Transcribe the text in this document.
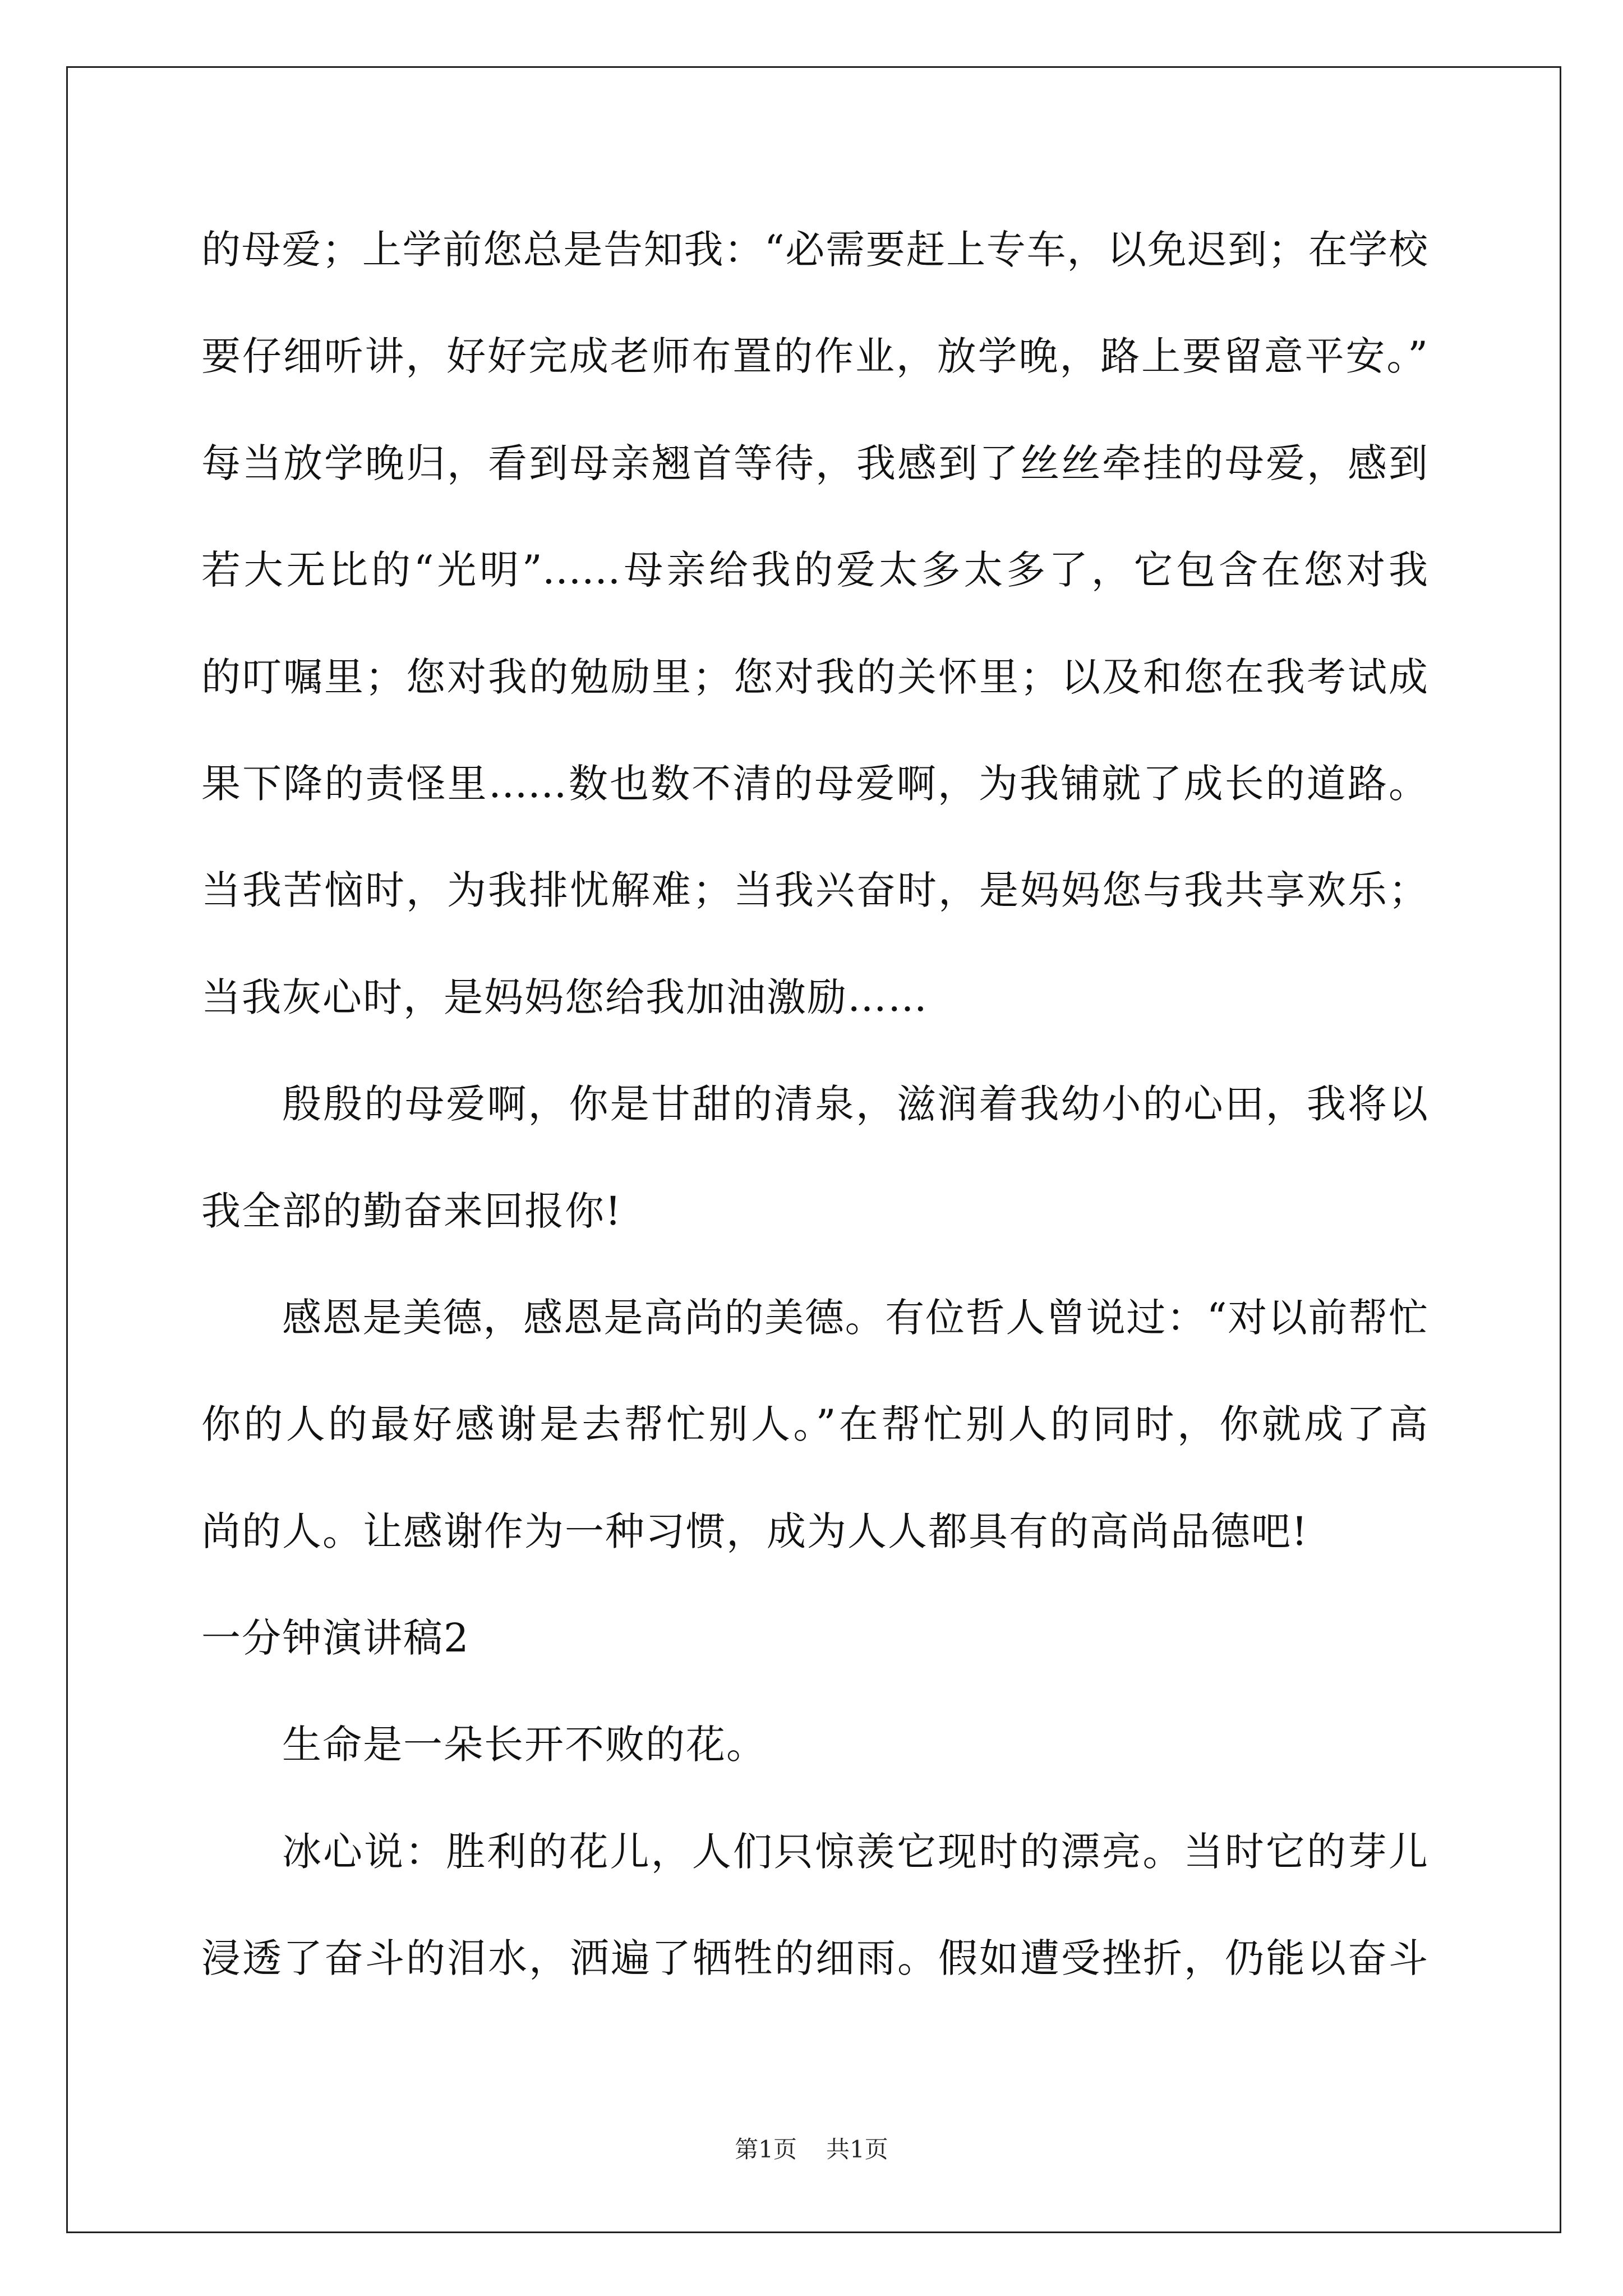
的母爱；上学前您总是告知我：“必需要赶上专车，以免迟到；在学校
要仔细听讲，好好完成老师布置的作业，放学晚，路上要留意平安。”
每当放学晚归，看到母亲翘首等待，我感到了丝丝牵挂的母爱，感到
若大无比的“光明”……母亲给我的爱太多太多了，它包含在您对我
的叮嘱里；您对我的勉励里；您对我的关怀里；以及和您在我考试成
果下降的责怪里……数也数不清的母爱啊，为我铺就了成长的道路。
当我苦恼时，为我排忧解难；当我兴奋时，是妈妈您与我共享欢乐；
当我灰心时，是妈妈您给我加油激励……
殷殷的母爱啊，你是甘甜的清泉，滋润着我幼小的心田，我将以
我全部的勤奋来回报你!
感恩是美德，感恩是高尚的美德。有位哲人曾说过：“对以前帮忙
你的人的最好感谢是去帮忙别人。”在帮忙别人的同时，你就成了高
尚的人。让感谢作为一种习惯，成为人人都具有的高尚品德吧!
一分钟演讲稿2
生命是一朵长开不败的花。
冰心说：胜利的花儿，人们只惊羡它现时的漂亮。当时它的芽儿
浸透了奋斗的泪水，洒遍了牺牲的细雨。假如遭受挫折，仍能以奋斗
第1页 共1页
